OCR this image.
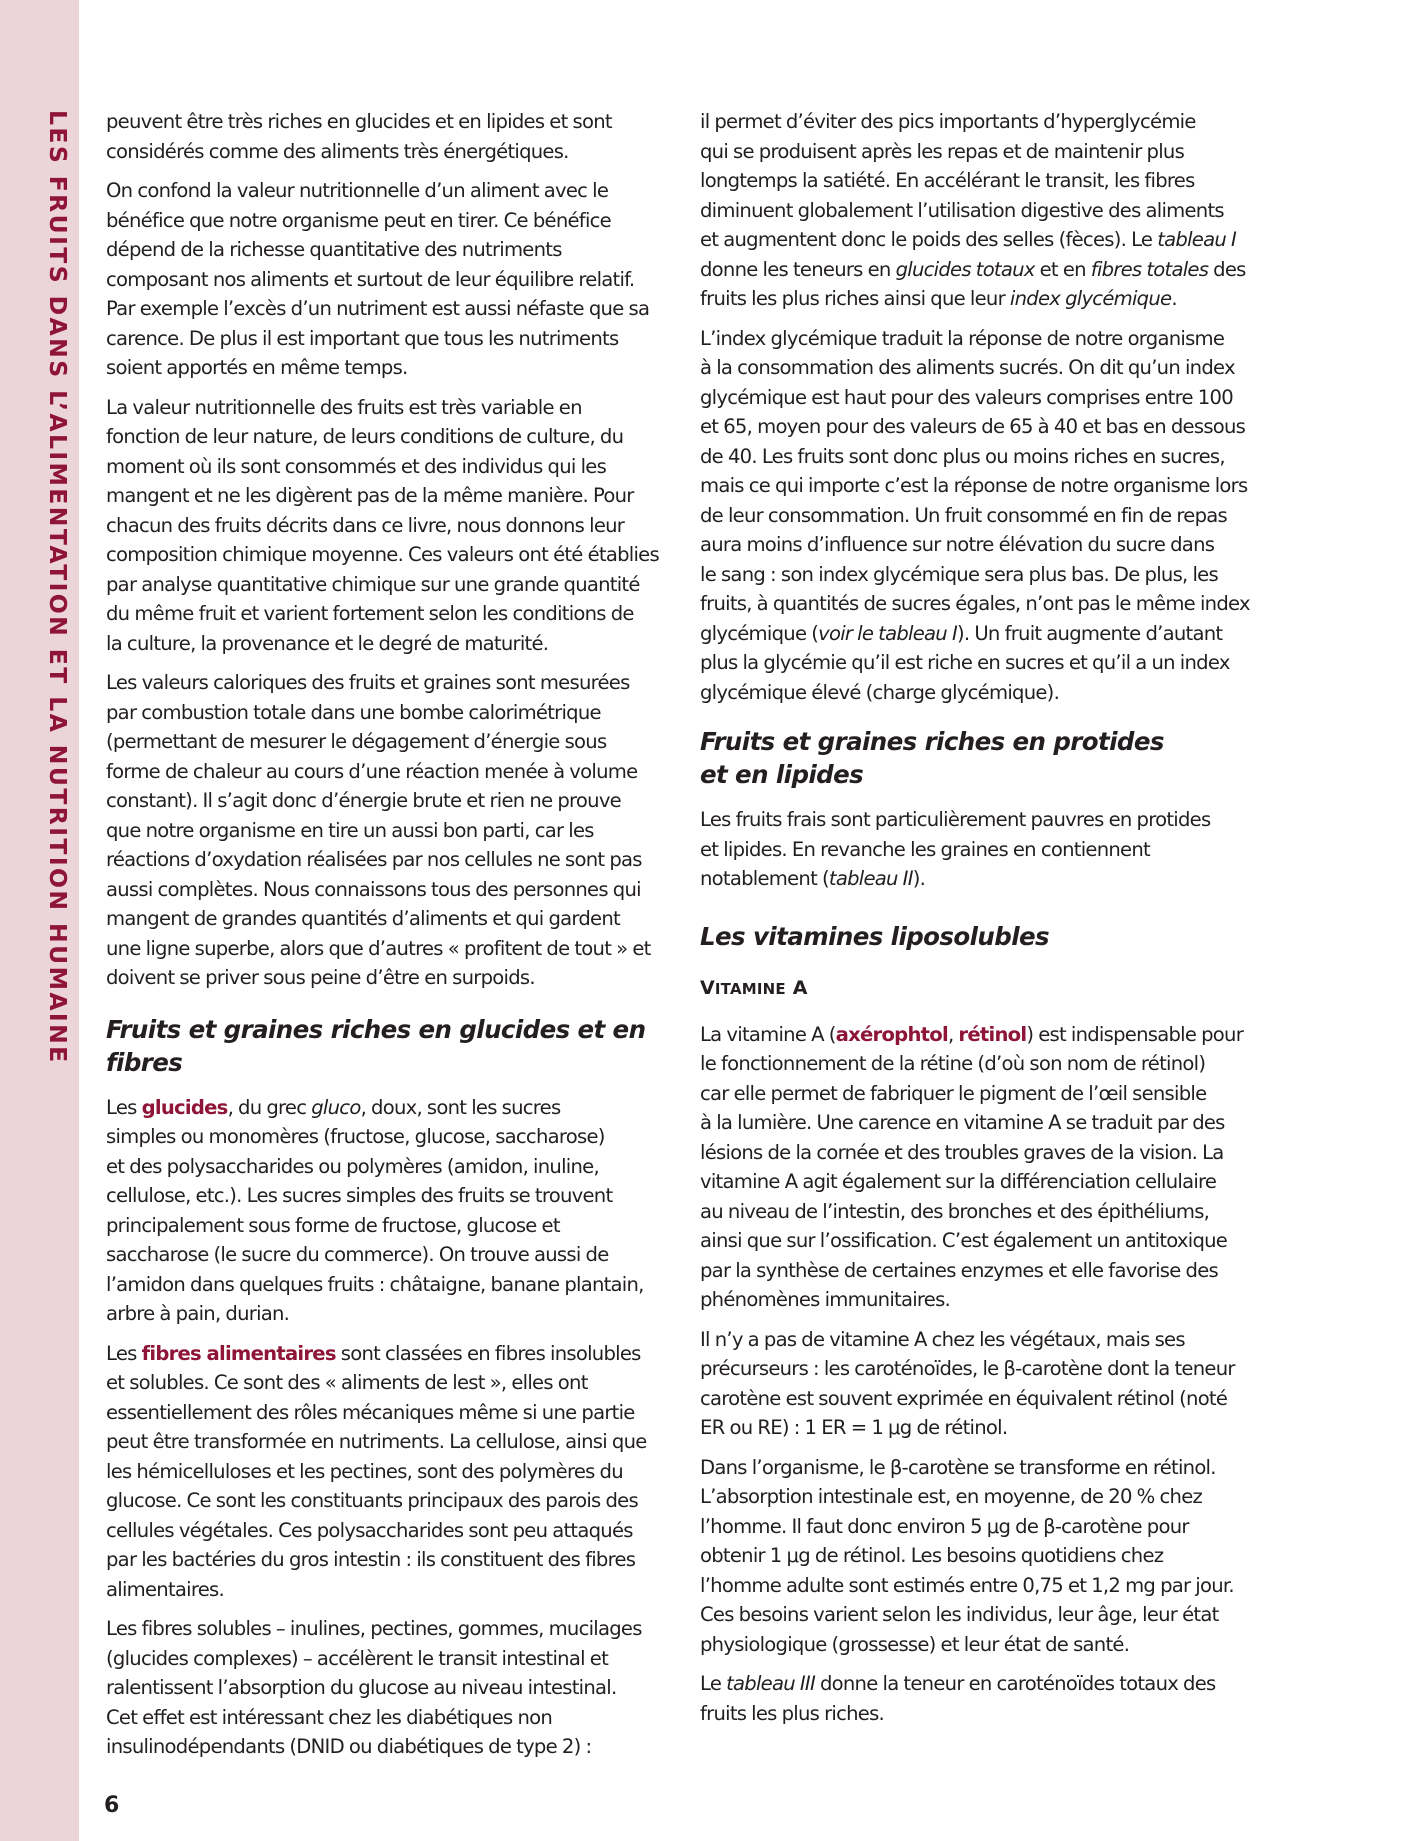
LES FRUITS DANS L’ALIMENTATION ET LA NUTRITION HUMAINE peuvent être très riches en glucides et en lipides et sont
considérés comme des aliments très énergétiques.

On confond la valeur nutritionnelle d’un aliment avec le
bénéfice que notre organisme peut en tirer. Ce bénéfice
dépend de la richesse quantitative des nutriments
composant nos aliments et surtout de leur équilibre relatif.
Par exemple l’excès d’un nutriment est aussi néfaste que sa
carence. De plus il est important que tous les nutriments
soient apportés en même temps.

La valeur nutritionnelle des fruits est très variable en
fonction de leur nature, de leurs conditions de culture, du
moment où ils sont consommés et des individus qui les
mangent et ne les digèrent pas de la même manière. Pour
chacun des fruits décrits dans ce livre, nous donnons leur
composition chimique moyenne. Ces valeurs ont été établies
par analyse quantitative chimique sur une grande quantité
du même fruit et varient fortement selon les conditions de
la culture, la provenance et le degré de maturité.

Les valeurs caloriques des fruits et graines sont mesurées
par combustion totale dans une bombe calorimétrique
(permettant de mesurer le dégagement d’énergie sous
forme de chaleur au cours d’une réaction menée à volume
constant). Il s’agit donc d’énergie brute et rien ne prouve
que notre organisme en tire un aussi bon parti, car les
réactions d’oxydation réalisées par nos cellules ne sont pas
aussi complètes. Nous connaissons tous des personnes qui
mangent de grandes quantités d’aliments et qui gardent
une ligne superbe, alors que d’autres « profitent de tout » et
doivent se priver sous peine d’être en surpoids.

Fruits et graines riches en glucides et en fibres

Les glucides, du grec gluco, doux, sont les sucres
simples ou monomères (fructose, glucose, saccharose)
et des polysaccharides ou polymères (amidon, inuline,
cellulose, etc.). Les sucres simples des fruits se trouvent
principalement sous forme de fructose, glucose et
saccharose (le sucre du commerce). On trouve aussi de
l’amidon dans quelques fruits : châtaigne, banane plantain,
arbre à pain, durian.

Les fibres alimentaires sont classées en fibres insolubles
et solubles. Ce sont des « aliments de lest », elles ont
essentiellement des rôles mécaniques même si une partie
peut être transformée en nutriments. La cellulose, ainsi que
les hémicelluloses et les pectines, sont des polymères du
glucose. Ce sont les constituants principaux des parois des
cellules végétales. Ces polysaccharides sont peu attaqués
par les bactéries du gros intestin : ils constituent des fibres
alimentaires.

Les fibres solubles – inulines, pectines, gommes, mucilages
(glucides complexes) – accélèrent le transit intestinal et
ralentissent l’absorption du glucose au niveau intestinal.
Cet effet est intéressant chez les diabétiques non
insulinodépendants (DNID ou diabétiques de type 2) :

il permet d’éviter des pics importants d’hyperglycémie
qui se produisent après les repas et de maintenir plus
longtemps la satiété. En accélérant le transit, les fibres
diminuent globalement l’utilisation digestive des aliments
et augmentent donc le poids des selles (fèces). Le tableau I
donne les teneurs en glucides totaux et en fibres totales des
fruits les plus riches ainsi que leur index glycémique.

L’index glycémique traduit la réponse de notre organisme
à la consommation des aliments sucrés. On dit qu’un index
glycémique est haut pour des valeurs comprises entre 100
et 65, moyen pour des valeurs de 65 à 40 et bas en dessous
de 40. Les fruits sont donc plus ou moins riches en sucres,
mais ce qui importe c’est la réponse de notre organisme lors
de leur consommation. Un fruit consommé en fin de repas
aura moins d’influence sur notre élévation du sucre dans
le sang : son index glycémique sera plus bas. De plus, les
fruits, à quantités de sucres égales, n’ont pas le même index
glycémique (voir le tableau I). Un fruit augmente d’autant
plus la glycémie qu’il est riche en sucres et qu’il a un index
glycémique élevé (charge glycémique).

Fruits et graines riches en protides
et en lipides

Les fruits frais sont particulièrement pauvres en protides
et lipides. En revanche les graines en contiennent
notablement (tableau II).

Les vitamines liposolubles
VITAMINE A

La vitamine A (axérophtol, rétinol) est indispensable pour
le fonctionnement de la rétine (d’où son nom de rétinol)
car elle permet de fabriquer le pigment de l’œil sensible
à la lumière. Une carence en vitamine A se traduit par des
lésions de la cornée et des troubles graves de la vision. La
vitamine A agit également sur la différenciation cellulaire
au niveau de l’intestin, des bronches et des épithéliums,
ainsi que sur l’ossification. C’est également un antitoxique
par la synthèse de certaines enzymes et elle favorise des
phénomènes immunitaires.

Il n’y a pas de vitamine A chez les végétaux, mais ses
précurseurs : les caroténoïdes, le β-carotène dont la teneur
carotène est souvent exprimée en équivalent rétinol (noté
ER ou RE) : 1 ER = 1 μg de rétinol.

Dans l’organisme, le β-carotène se transforme en rétinol.
L’absorption intestinale est, en moyenne, de 20 % chez
l’homme. Il faut donc environ 5 μg de β-carotène pour
obtenir 1 μg de rétinol. Les besoins quotidiens chez
l’homme adulte sont estimés entre 0,75 et 1,2 mg par jour.
Ces besoins varient selon les individus, leur âge, leur état
physiologique (grossesse) et leur état de santé.

Le tableau III donne la teneur en caroténoïdes totaux des
fruits les plus riches.

6
